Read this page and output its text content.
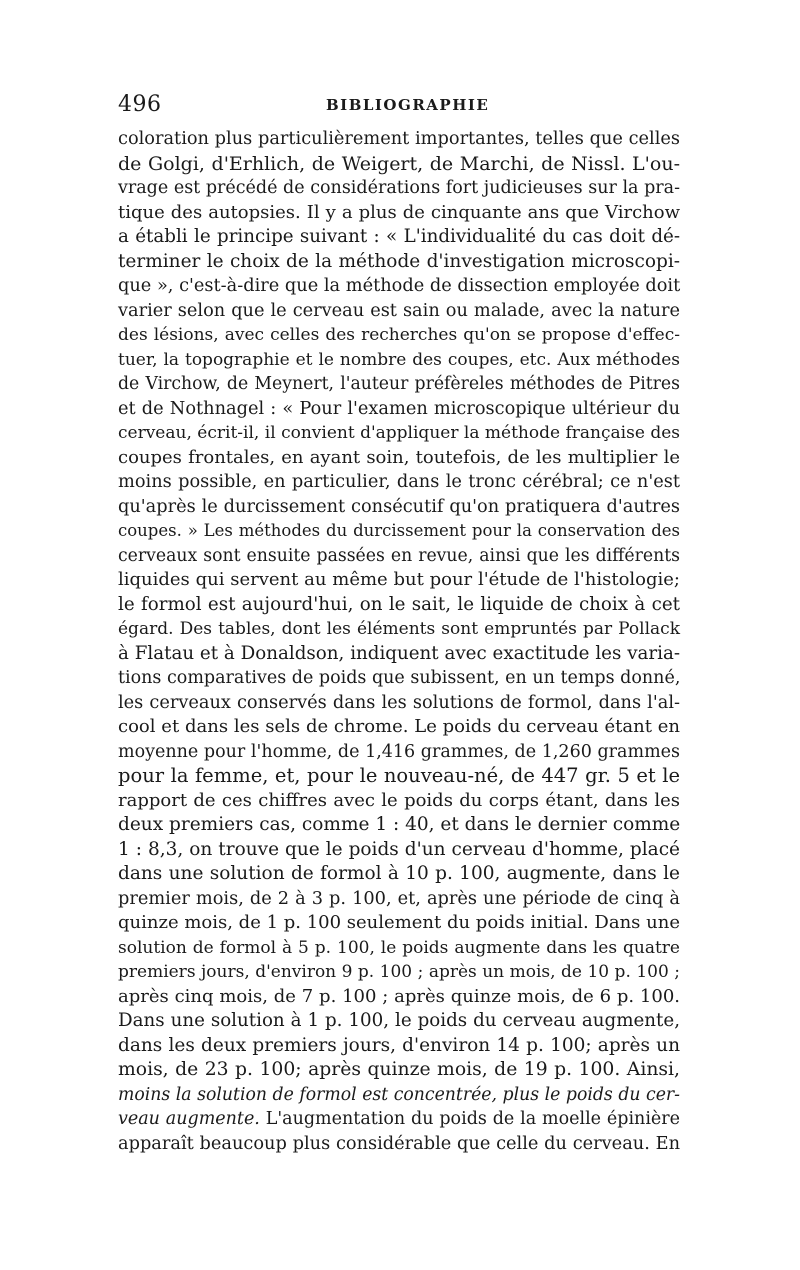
496	BIBLIOGRAPHIE
coloration plus particulièrement importantes, telles que celles
de Golgi, d'Erhlich, de Weigert, de Marchi, de Nissl. L'ou-
vrage est précédé de considérations fort judicieuses sur la pra-
tique des autopsies. Il y a plus de cinquante ans que Virchow
a établi le principe suivant : « L'individualité du cas doit dé-
terminer le choix de la méthode d'investigation microscopi-
que », c'est-à-dire que la méthode de dissection employée doit
varier selon que le cerveau est sain ou malade, avec la nature
des lésions, avec celles des recherches qu'on se propose d'effec-
tuer, la topographie et le nombre des coupes, etc. Aux méthodes
de Virchow, de Meynert, l'auteur préfèreles méthodes de Pitres
et de Nothnagel : « Pour l'examen microscopique ultérieur du
cerveau, écrit-il, il convient d'appliquer la méthode française des
coupes frontales, en ayant soin, toutefois, de les multiplier le
moins possible, en particulier, dans le tronc cérébral; ce n'est
qu'après le durcissement consécutif qu'on pratiquera d'autres
coupes. » Les méthodes du durcissement pour la conservation des
cerveaux sont ensuite passées en revue, ainsi que les différents
liquides qui servent au même but pour l'étude de l'histologie;
le formol est aujourd'hui, on le sait, le liquide de choix à cet
égard. Des tables, dont les éléments sont empruntés par Pollack
à Flatau et à Donaldson, indiquent avec exactitude les varia-
tions comparatives de poids que subissent, en un temps donné,
les cerveaux conservés dans les solutions de formol, dans l'al-
cool et dans les sels de chrome. Le poids du cerveau étant en
moyenne pour l'homme, de 1,416 grammes, de 1,260 grammes
pour la femme, et, pour le nouveau-né, de 447 gr. 5 et le
rapport de ces chiffres avec le poids du corps étant, dans les
deux premiers cas, comme 1 : 40, et dans le dernier comme
1 : 8,3, on trouve que le poids d'un cerveau d'homme, placé
dans une solution de formol à 10 p. 100, augmente, dans le
premier mois, de 2 à 3 p. 100, et, après une période de cinq à
quinze mois, de 1 p. 100 seulement du poids initial. Dans une
solution de formol à 5 p. 100, le poids augmente dans les quatre
premiers jours, d'environ 9 p. 100 ; après un mois, de 10 p. 100 ;
après cinq mois, de 7 p. 100 ; après quinze mois, de 6 p. 100.
Dans une solution à 1 p. 100, le poids du cerveau augmente,
dans les deux premiers jours, d'environ 14 p. 100; après un
mois, de 23 p. 100; après quinze mois, de 19 p. 100. Ainsi,
moins la solution de formol est concentrée, plus le poids du cer-
veau augmente. L'augmentation du poids de la moelle épinière
apparaît beaucoup plus considérable que celle du cerveau. En
